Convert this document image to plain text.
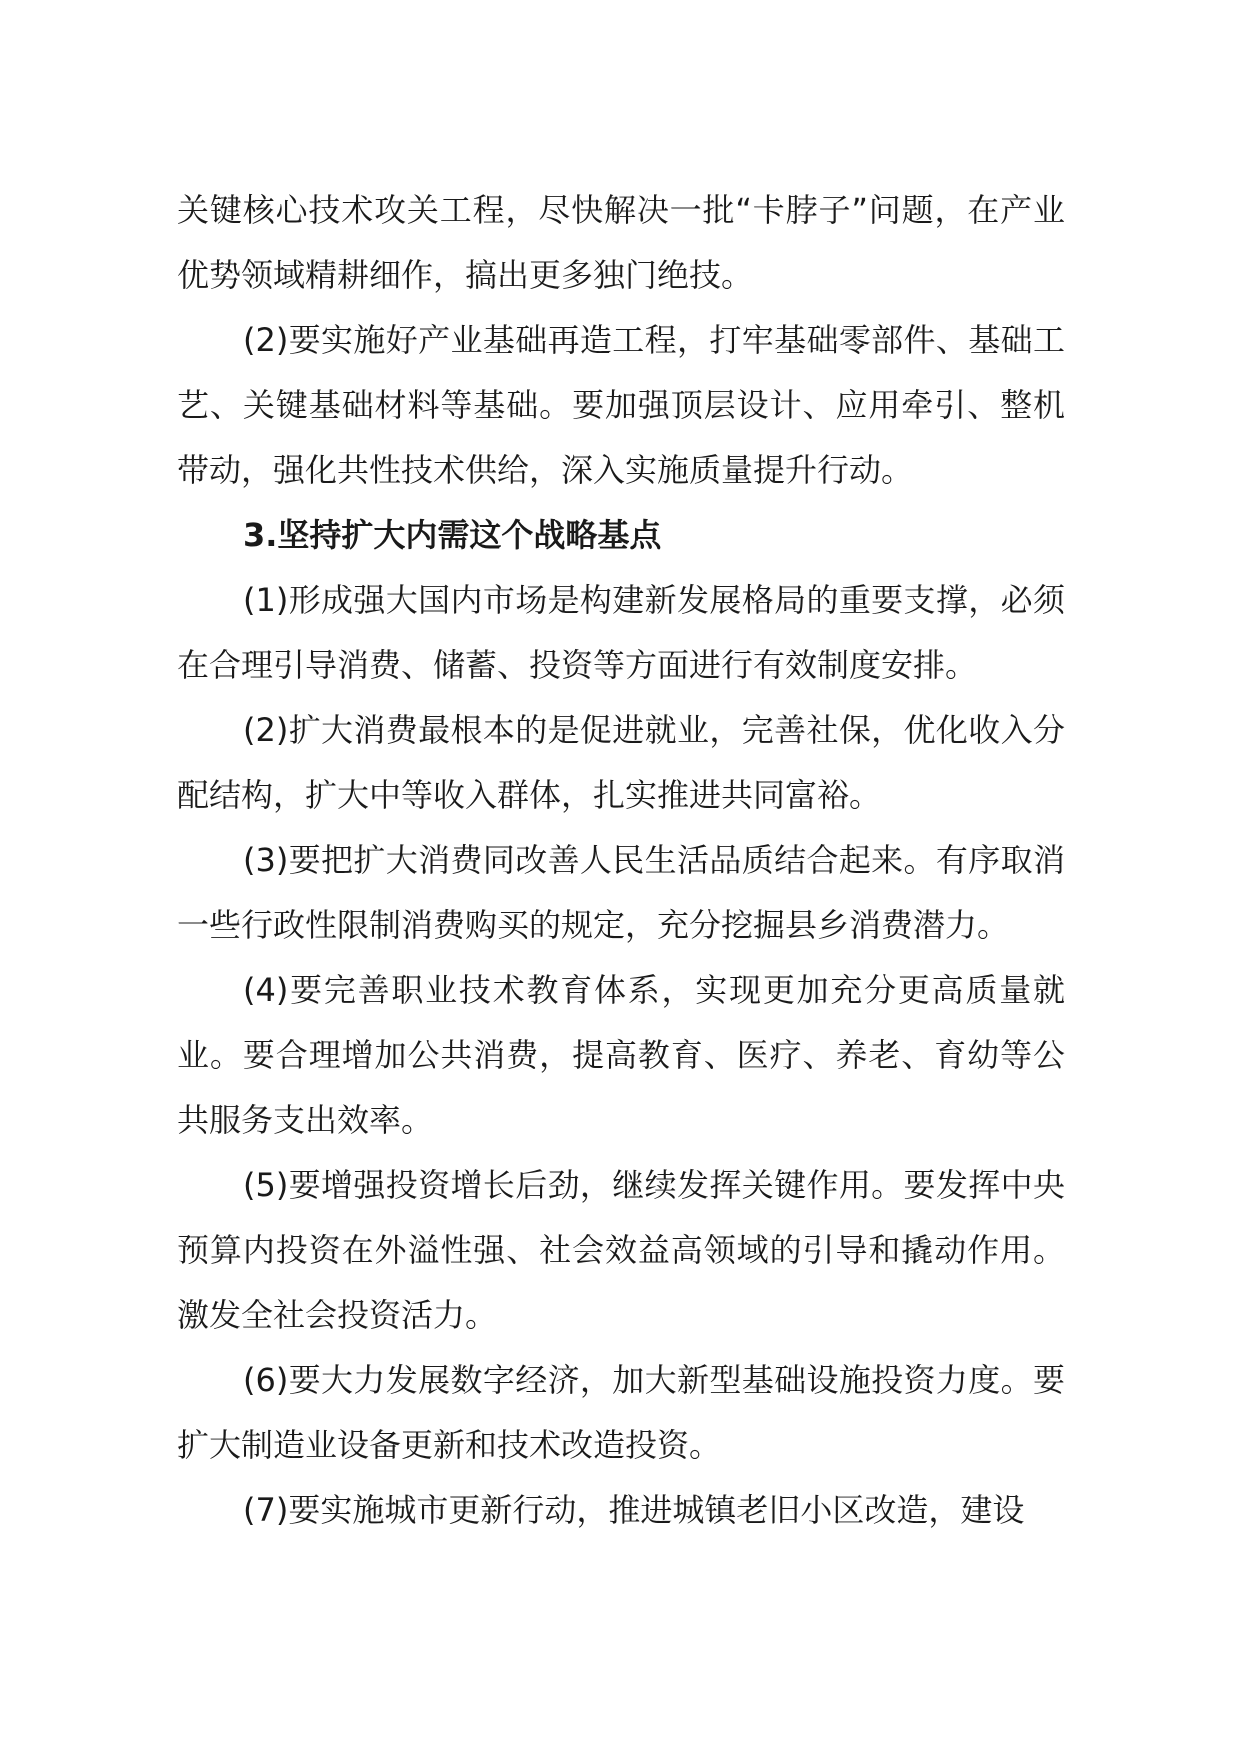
关键核心技术攻关工程，尽快解决一批“卡脖子”问题，在产业优势领域精耕细作，搞出更多独门绝技。

(2)要实施好产业基础再造工程，打牢基础零部件、基础工艺、关键基础材料等基础。要加强顶层设计、应用牵引、整机带动，强化共性技术供给，深入实施质量提升行动。

3.坚持扩大内需这个战略基点

(1)形成强大国内市场是构建新发展格局的重要支撑，必须在合理引导消费、储蓄、投资等方面进行有效制度安排。

(2)扩大消费最根本的是促进就业，完善社保，优化收入分配结构，扩大中等收入群体，扎实推进共同富裕。

(3)要把扩大消费同改善人民生活品质结合起来。有序取消一些行政性限制消费购买的规定，充分挖掘县乡消费潜力。

(4)要完善职业技术教育体系，实现更加充分更高质量就业。要合理增加公共消费，提高教育、医疗、养老、育幼等公共服务支出效率。

(5)要增强投资增长后劲，继续发挥关键作用。要发挥中央预算内投资在外溢性强、社会效益高领域的引导和撬动作用。激发全社会投资活力。

(6)要大力发展数字经济，加大新型基础设施投资力度。要扩大制造业设备更新和技术改造投资。

(7)要实施城市更新行动，推进城镇老旧小区改造，建设
